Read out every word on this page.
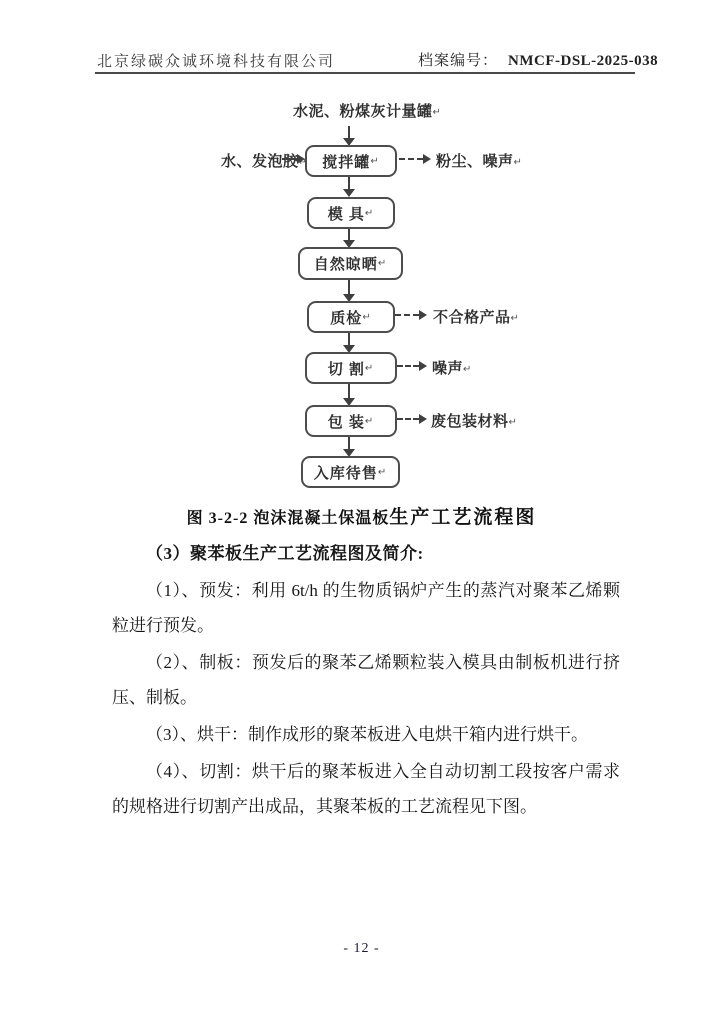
北京绿碳众诚环境科技有限公司	档案编号： NMCF-DSL-2025-038
水泥、粉煤灰计量罐↵
搅拌罐 ↵
模 具 ↵
自然晾晒 ↵
质检 ↵
切 割 ↵
包 装 ↵
入库待售 ↵
水、发泡胶↵	粉尘、噪声↵
不合格产品↵
噪声↵
废包装材料↵
图 3-2-2 泡沫混凝土保温板生产工艺流程图

（3）聚苯板生产工艺流程图及简介:

（1）、预发：利用 6t/h 的生物质锅炉产生的蒸汽对聚苯乙烯颗粒进行预发。

（2）、制板：预发后的聚苯乙烯颗粒装入模具由制板机进行挤压、制板。

（3）、烘干：制作成形的聚苯板进入电烘干箱内进行烘干。

（4）、切割：烘干后的聚苯板进入全自动切割工段按客户需求的规格进行切割产出成品，其聚苯板的工艺流程见下图。

- 12 -
